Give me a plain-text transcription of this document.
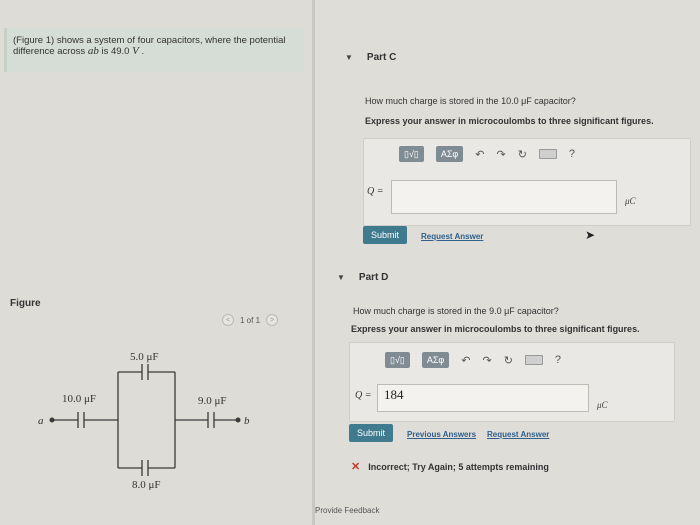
(Figure 1) shows a system of four capacitors, where the potential difference across ab is 49.0 V .
Figure
<	1 of 1	>
5.0 μF
10.0 μF	9.0 μF
8.0 μF
a	b
▼ Part C
How much charge is stored in the 10.0 μF capacitor?
Express your answer in microcoulombs to three significant figures.
▯√▯	ΑΣφ	↶ ↷ ↻	?
Q =
μC
Submit	Request Answer	➤
▼ Part D
How much charge is stored in the 9.0 μF capacitor?
Express your answer in microcoulombs to three significant figures.
▯√▯	ΑΣφ	↶ ↷ ↻	?
Q = 184
μC
Submit	Previous Answers Request Answer
✕ Incorrect; Try Again; 5 attempts remaining
Provide Feedback
